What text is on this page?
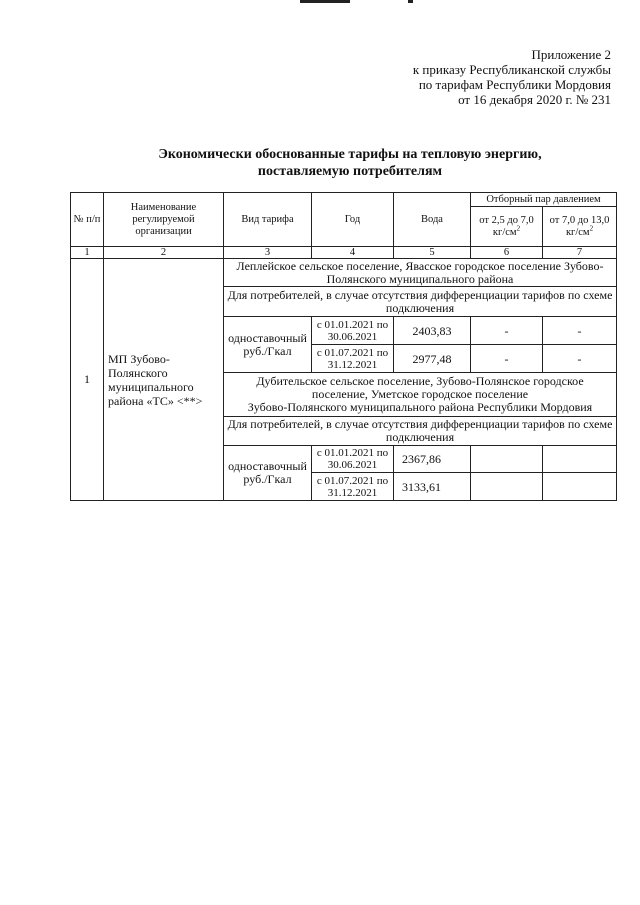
Приложение 2
к приказу Республиканской службы
по тарифам Республики Мордовия
от 16 декабря 2020 г. № 231
Экономически обоснованные тарифы на тепловую энергию,
поставляемую потребителям
№ п/п	Наименование регулируемой организации	Вид тарифа	Год	Вода	Отборный пар давлением	
					от 2,5 до 7,0 $кг/см^2$	от 7,0 до 13,0 $кг/см^2$
1	2	3	4	5	6	7
1	МП Зубово-Полянского муниципального района «ТС» <**>	Леплейское сельское поселение, Явасское городское поселение Зубово-Полянского муниципального района				
		Для потребителей, в случае отсутствия дифференциации тарифов по схеме подключения				
		одноставочный руб./Гкал	с 01.01.2021 по 30.06.2021	2403,83	-	-
			с 01.07.2021 по 31.12.2021	2977,48	-	-

		Дубительское сельское поселение, Зубово-Полянское городское
поселение, Уметское городское поселение
Зубово-Полянского муниципального района Республики Мордовия				

		Для потребителей, в случае отсутствия дифференциации тарифов по схеме подключения				
		одноставочный руб./Гкал	с 01.01.2021 по 30.06.2021	2367,86		
			с 01.07.2021 по 31.12.2021	3133,61		
